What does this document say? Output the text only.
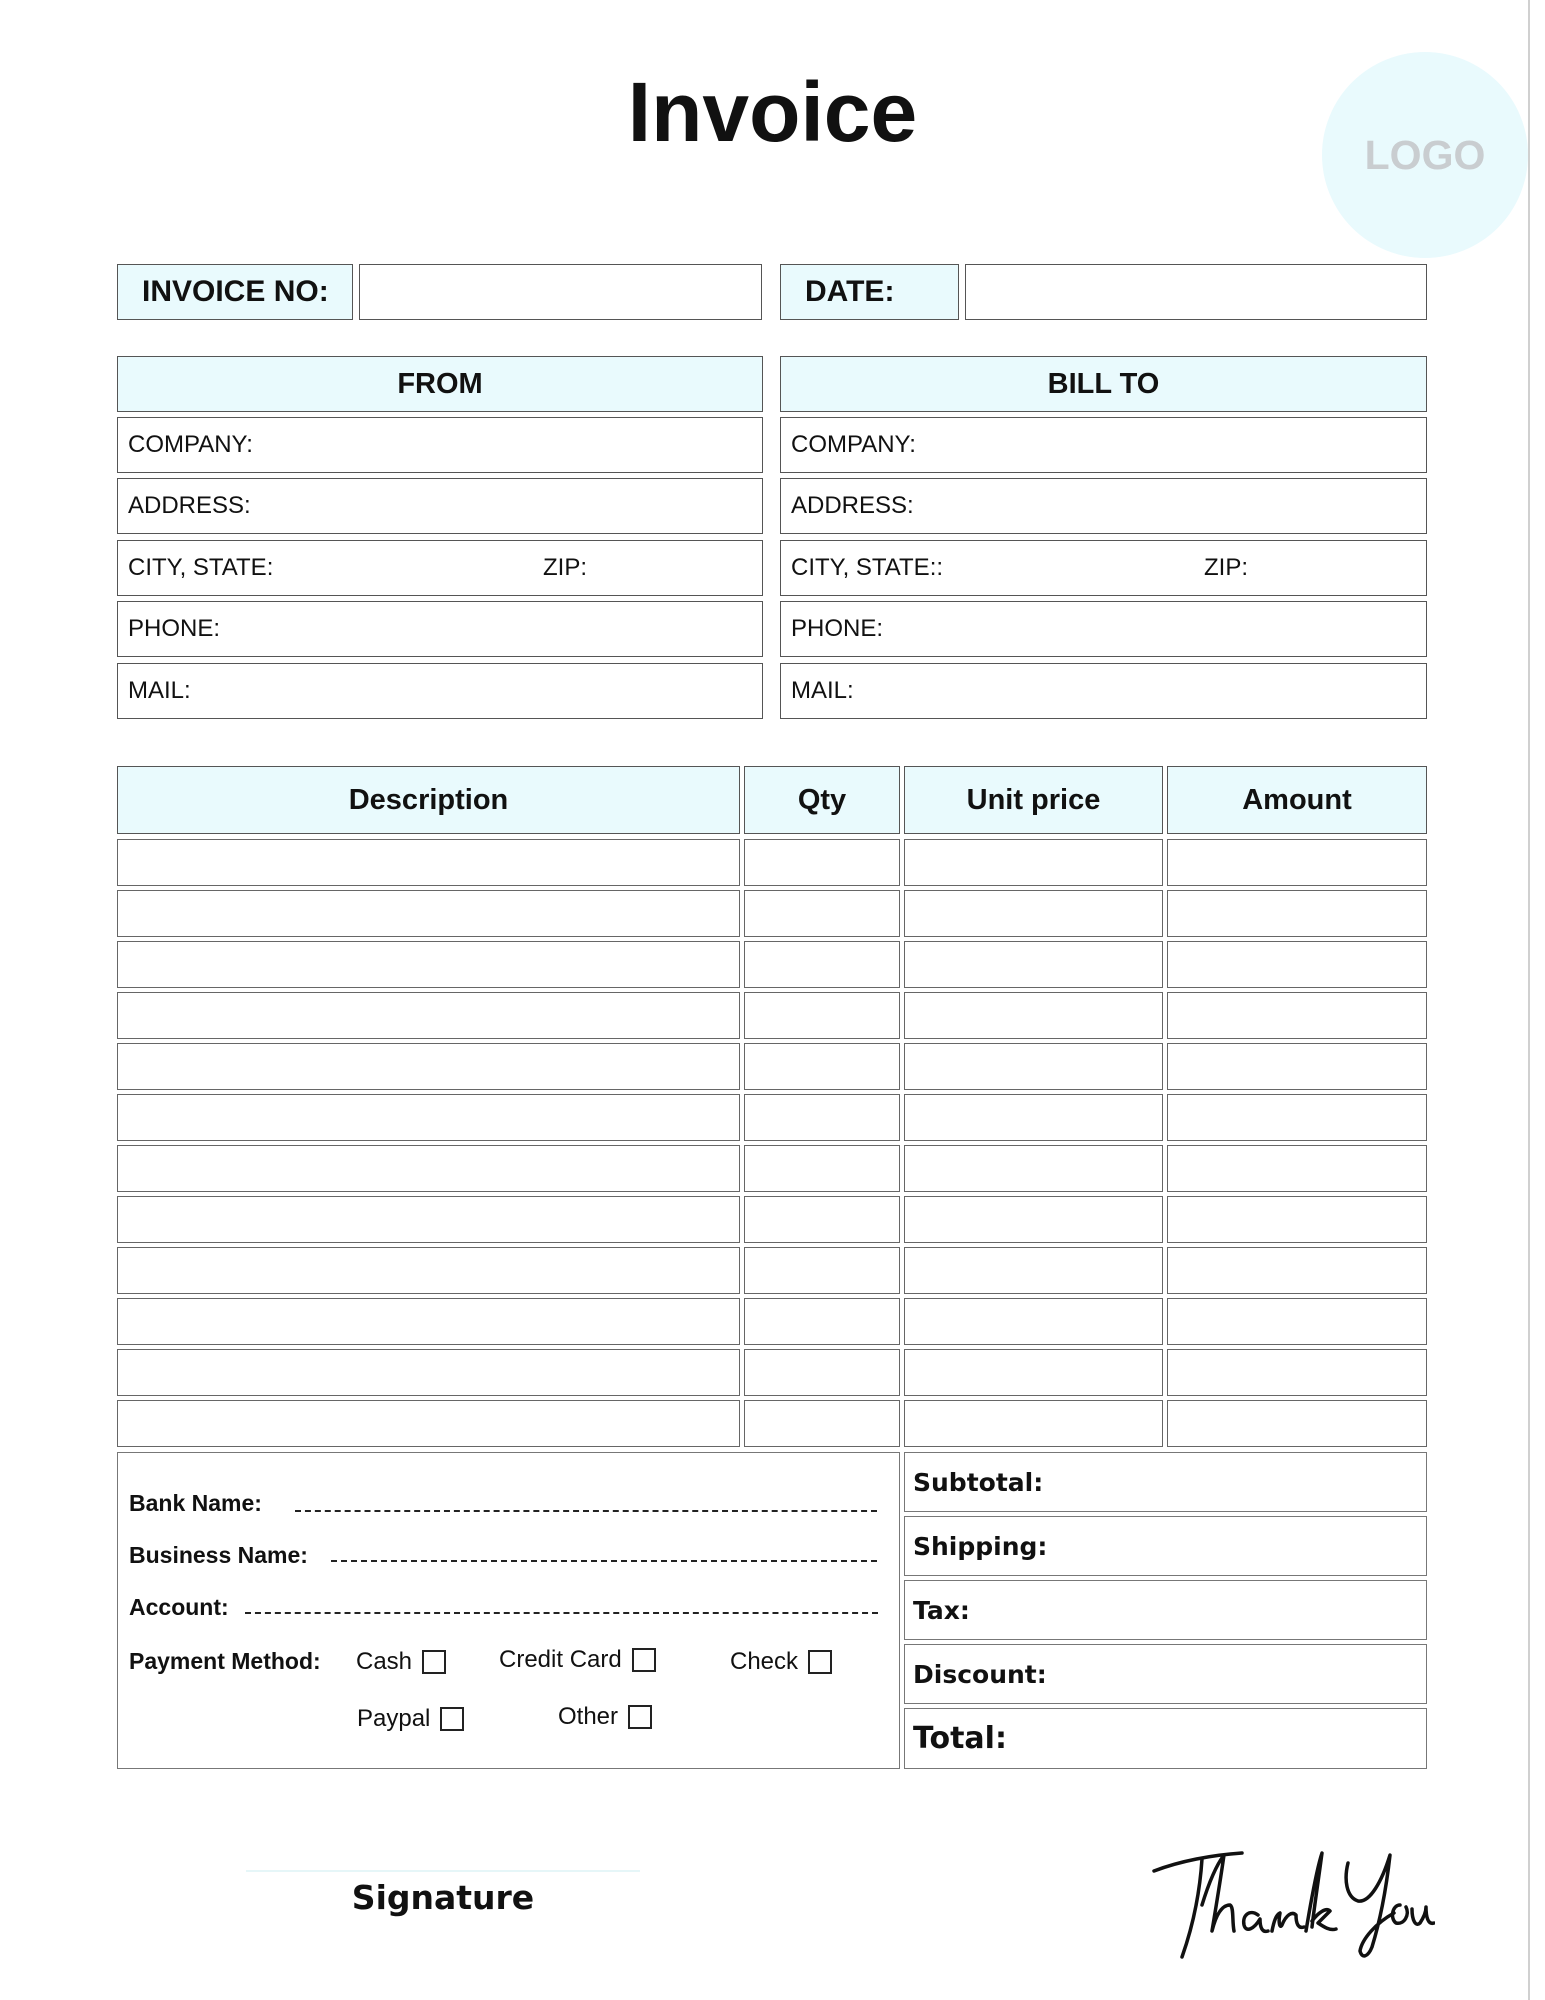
Invoice	LOGO
INVOICE NO:	DATE:
FROM
COMPANY:
ADDRESS:
CITY, STATE:	ZIP:
PHONE:
MAIL:
BILL TO
COMPANY:
ADDRESS:
CITY, STATE::	ZIP:
PHONE:
MAIL:
Description	Qty	Unit price	Amount
Bank Name:
Business Name:
Account:
Payment Method: Cash	Credit Card	Check
Paypal	Other
Subtotal:
Shipping:
Tax:
Discount:
Total:
Signature
